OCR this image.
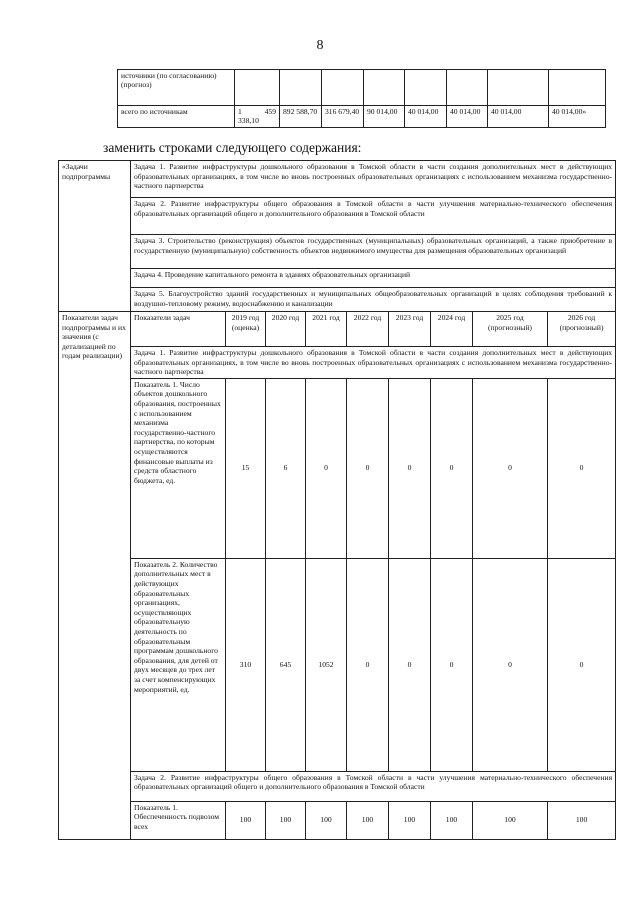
8
источники (по согласованию) (прогноз)								
всего по источникам	1 459 338,10	892 588,70	316 679,40	90 014,00	40 014,00	40 014,00	40 014,00	40 014,00»
заменить строками следующего содержания:
«Задачи подпрограммы	Задача 1. Развитие инфраструктуры дошкольного образования в Томской области в части создания дополнительных мест в действующих образовательных организациях, в том числе во вновь построенных образовательных организациях с использованием механизма государственно-частного партнерства								
	Задача 2. Развитие инфраструктуры общего образования в Томской области в части улучшения материально-технического обеспечения образовательных организаций общего и дополнительного образования в Томской области								
	Задача 3. Строительство (реконструкция) объектов государственных (муниципальных) образовательных организаций, а также приобретение в государственную (муниципальную) собственность объектов недвижимого имущества для размещения образовательных организаций								
	Задача 4. Проведение капитального ремонта в зданиях образовательных организаций								
	Задача 5. Благоустройство зданий государственных и муниципальных общеобразовательных организаций в целях соблюдения требований к воздушно-тепловому режиму, водоснабжению и канализации								
Показатели задач подпрограммы и их значения (с детализацией по годам реализации)	Показатели задач	2019 год (оценка)	2020 год	2021 год	2022 год	2023 год	2024 год	2025 год (прогнозный)	2026 год (прогнозный)
	Задача 1. Развитие инфраструктуры дошкольного образования в Томской области в части создания дополнительных мест в действующих образовательных организациях, в том числе во вновь построенных образовательных организациях с использованием механизма государственно-частного партнерства								
	Показатель 1. Число объектов дошкольного образования, построенных с использованием механизма государственно-частного партнерства, по которым осуществляются финансовые выплаты из средств областного бюджета, ед.	15	6	0	0	0	0	0	0
	Показатель 2. Количество дополнительных мест в действующих образовательных организациях, осуществляющих образовательную деятельность по образовательным программам дошкольного образования, для детей от двух месяцев до трех лет за счет компенсирующих мероприятий, ед.	310	645	1052	0	0	0	0	0
	Задача 2. Развитие инфраструктуры общего образования в Томской области в части улучшения материально-технического обеспечения образовательных организаций общего и дополнительного образования в Томской области								
	Показатель 1. Обеспеченность подвозом всех	100	100	100	100	100	100	100	100
